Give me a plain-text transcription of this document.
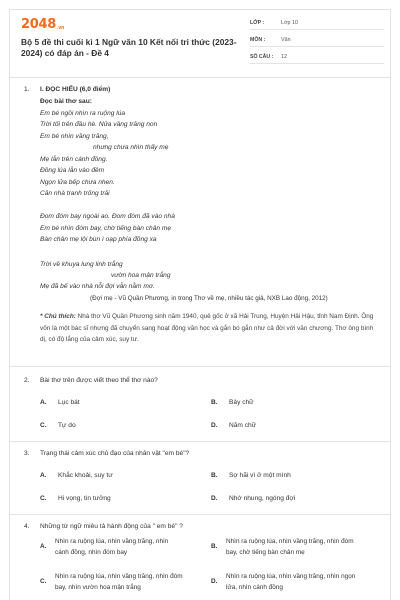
2048 .vn
Bộ 5 đề thi cuối kì 1 Ngữ văn 10 Kết nối tri thức (2023-2024) có đáp án - Đề 4
LỚP :	Lớp 10
MÔN :	Văn
SỐ CÂU :	12
1. I. ĐỌC HIỂU (6,0 điểm)
Đọc bài thơ sau:
Em bé ngồi nhìn ra ruộng lúa
Trời tối trên đầu hè. Nửa vầng trăng non
Em bé nhìn vầng trăng,
nhưng chưa nhìn thấy mẹ
Mẹ lẫn trên cánh đồng.
Đồng lúa lẫn vào đêm
Ngọn lửa bếp chưa nhen.
Căn nhà tranh trống trải
Đom đóm bay ngoài ao. Đom đóm đã vào nhà
Em bé nhìn đóm bay, chờ tiếng bàn chân mẹ
Bàn chân mẹ lội bùn ì oạp phía đồng xa
Trời về khuya lung linh trắng
vườn hoa mận trắng
Mẹ đã bế vào nhà nỗi đợi vẫn nằm mơ.
(Đợi mẹ - Vũ Quần Phương, in trong Thơ về mẹ, nhiều tác giả, NXB Lao động, 2012)
* Chú thích: Nhà thơ Vũ Quần Phương sinh năm 1940, quê gốc ở xã Hải Trung, Huyện Hải Hậu, tỉnh Nam Định. Ông vốn là một bác sĩ nhưng đã chuyển sang hoạt động văn học và gắn bó gắn như cả đời với văn chương. Thơ ông bình dị, có độ lắng của cảm xúc, suy tư.
2. Bài thơ trên được viết theo thể thơ nào?
A. Lục bát	B. Bảy chữ
C. Tự do	D. Năm chữ
3. Trạng thái cảm xúc chủ đạo của nhân vật "em bé"?
A. Khắc khoải, suy tư	B. Sợ hãi vì ở một mình
C. Hi vọng, tin tưởng	D. Nhớ nhung, ngóng đợi
4. Những từ ngữ miêu tả hành động của " em bé" ?
A.
Nhìn ra ruộng lúa, nhìn vầng trăng, nhìn cánh đồng, nhìn đóm bay
B.
Nhìn ra ruộng lúa, nhìn vầng trăng, nhìn đóm bay, chờ tiếng bàn chân mẹ
C.
Nhìn ra ruộng lúa, nhìn vầng trăng, nhìn đóm bay, nhìn vườn hoa mận trắng
D.
Nhìn ra ruộng lúa, nhìn vầng trăng, nhìn ngọn lửa, nhìn cánh đồng
